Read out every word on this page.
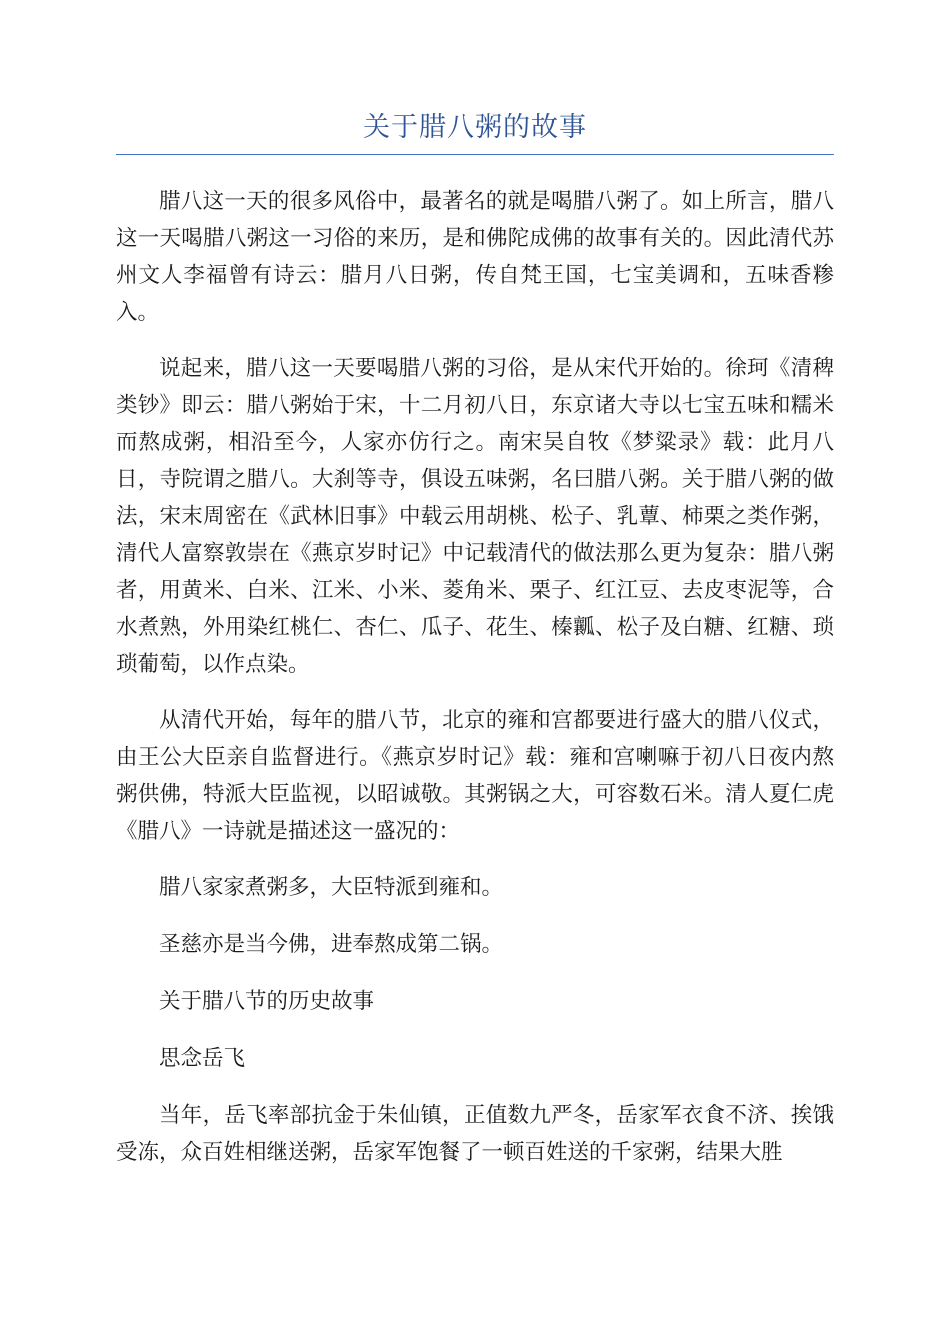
关于腊八粥的故事

腊八这一天的很多风俗中，最著名的就是喝腊八粥了。如上所言，腊八这一天喝腊八粥这一习俗的来历，是和佛陀成佛的故事有关的。因此清代苏州文人李福曾有诗云：腊月八日粥，传自梵王国，七宝美调和，五味香糁入。

说起来，腊八这一天要喝腊八粥的习俗，是从宋代开始的。徐珂《清稗类钞》即云：腊八粥始于宋，十二月初八日，东京诸大寺以七宝五味和糯米而熬成粥，相沿至今，人家亦仿行之。南宋吴自牧《梦粱录》载：此月八日，寺院谓之腊八。大刹等寺，俱设五味粥，名曰腊八粥。关于腊八粥的做法，宋末周密在《武林旧事》中载云用胡桃、松子、乳蕈、柿栗之类作粥，清代人富察敦崇在《燕京岁时记》中记载清代的做法那么更为复杂：腊八粥者，用黄米、白米、江米、小米、菱角米、栗子、红江豆、去皮枣泥等，合水煮熟，外用染红桃仁、杏仁、瓜子、花生、榛瓤、松子及白糖、红糖、琐琐葡萄，以作点染。

从清代开始，每年的腊八节，北京的雍和宫都要进行盛大的腊八仪式，由王公大臣亲自监督进行。《燕京岁时记》载：雍和宫喇嘛于初八日夜内熬粥供佛，特派大臣监视，以昭诚敬。其粥锅之大，可容数石米。清人夏仁虎《腊八》一诗就是描述这一盛况的：

腊八家家煮粥多，大臣特派到雍和。

圣慈亦是当今佛，进奉熬成第二锅。

关于腊八节的历史故事

思念岳飞

当年，岳飞率部抗金于朱仙镇，正值数九严冬，岳家军衣食不济、挨饿受冻，众百姓相继送粥，岳家军饱餐了一顿百姓送的千家粥，结果大胜
